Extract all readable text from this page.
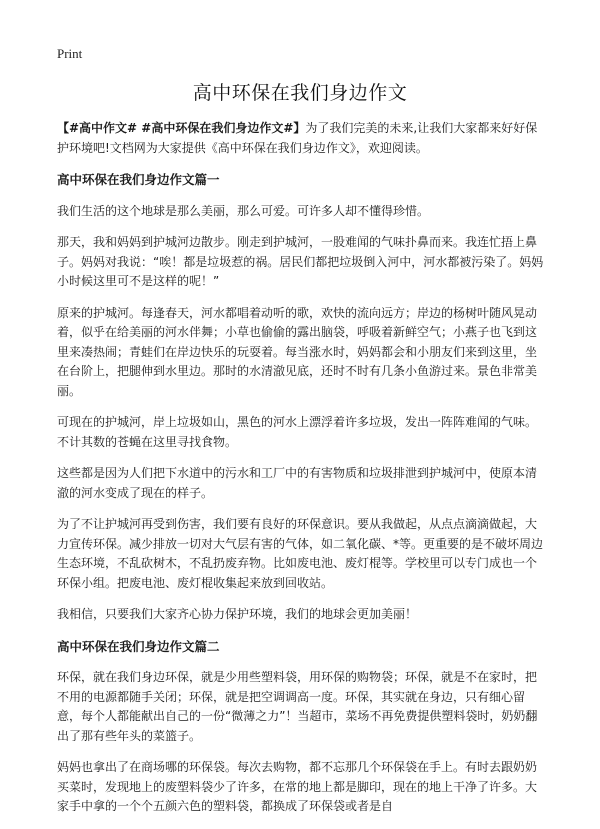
Print
高中环保在我们身边作文

【#高中作文# #高中环保在我们身边作文#】为了我们完美的未来,让我们大家都来好好保护环境吧!文档网为大家提供《高中环保在我们身边作文》，欢迎阅读。

高中环保在我们身边作文篇一

我们生活的这个地球是那么美丽，那么可爱。可许多人却不懂得珍惜。

那天，我和妈妈到护城河边散步。刚走到护城河，一股难闻的气味扑鼻而来。我连忙捂上鼻子。妈妈对我说：“唉！都是垃圾惹的祸。居民们都把垃圾倒入河中，河水都被污染了。妈妈小时候这里可不是这样的呢！”

原来的护城河。每逢春天，河水都唱着动听的歌，欢快的流向远方；岸边的杨树叶随风晃动着，似乎在给美丽的河水伴舞；小草也偷偷的露出脑袋，呼吸着新鲜空气；小燕子也飞到这里来凑热闹；青蛙们在岸边快乐的玩耍着。每当涨水时，妈妈都会和小朋友们来到这里，坐在台阶上，把腿伸到水里边。那时的水清澈见底，还时不时有几条小鱼游过来。景色非常美丽。

可现在的护城河，岸上垃圾如山，黑色的河水上漂浮着许多垃圾，发出一阵阵难闻的气味。不计其数的苍蝇在这里寻找食物。

这些都是因为人们把下水道中的污水和工厂中的有害物质和垃圾排泄到护城河中，使原本清澈的河水变成了现在的样子。

为了不让护城河再受到伤害，我们要有良好的环保意识。要从我做起，从点点滴滴做起，大力宣传环保。减少排放一切对大气层有害的气体，如二氧化碳、*等。更重要的是不破坏周边生态环境，不乱砍树木，不乱扔废弃物。比如废电池、废灯棍等。学校里可以专门成也一个环保小组。把废电池、废灯棍收集起来放到回收站。

我相信，只要我们大家齐心协力保护环境，我们的地球会更加美丽！

高中环保在我们身边作文篇二

环保，就在我们身边环保，就是少用些塑料袋，用环保的购物袋；环保，就是不在家时，把不用的电源都随手关闭；环保，就是把空调调高一度。环保，其实就在身边，只有细心留意，每个人都能献出自己的一份“微薄之力”！当超市，菜场不再免费提供塑料袋时，奶奶翻出了那有些年头的菜篮子。

妈妈也拿出了在商场哪的环保袋。每次去购物，都不忘那几个环保袋在手上。有时去跟奶奶买菜时，发现地上的废塑料袋少了许多，在常的地上都是脚印，现在的地上干净了许多。大家手中拿的一个个五颜六色的塑料袋，都换成了环保袋或者是自
